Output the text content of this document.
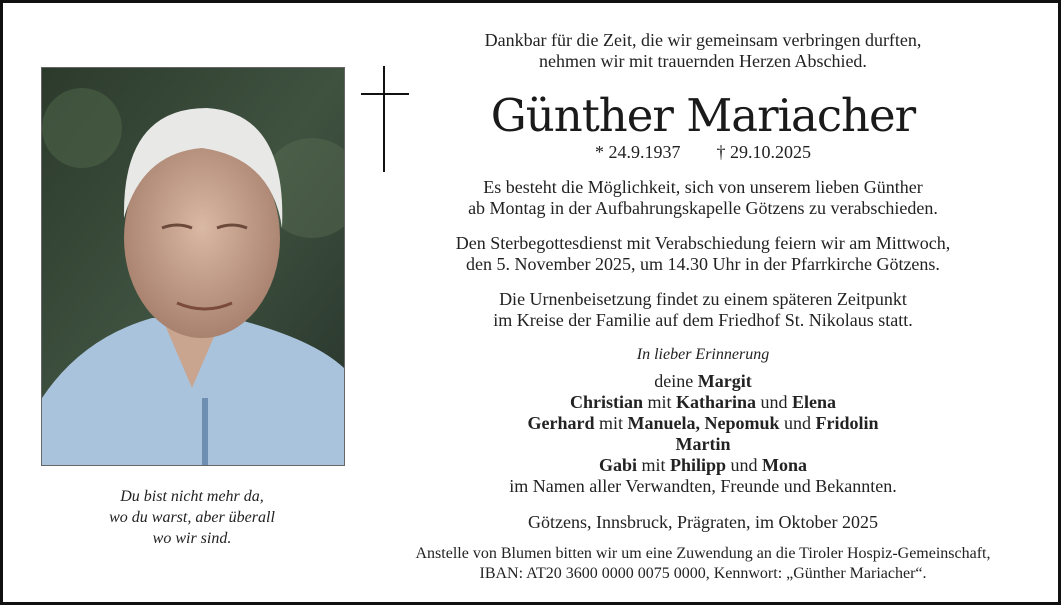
Du bist nicht mehr da,
wo du warst, aber überall
wo wir sind.
Dankbar für die Zeit, die wir gemeinsam verbringen durften,
nehmen wir mit trauernden Herzen Abschied.
Günther Mariacher
* 24.9.1937 † 29.10.2025
Es besteht die Möglichkeit, sich von unserem lieben Günther
ab Montag in der Aufbahrungskapelle Götzens zu verabschieden.
Den Sterbegottesdienst mit Verabschiedung feiern wir am Mittwoch,
den 5. November 2025, um 14.30 Uhr in der Pfarrkirche Götzens.
Die Urnenbeisetzung findet zu einem späteren Zeitpunkt
im Kreise der Familie auf dem Friedhof St. Nikolaus statt.
In lieber Erinnerung
deine Margit
Christian mit Katharina und Elena
Gerhard mit Manuela, Nepomuk und Fridolin
Martin
Gabi mit Philipp und Mona
im Namen aller Verwandten, Freunde und Bekannten.
Götzens, Innsbruck, Prägraten, im Oktober 2025
Anstelle von Blumen bitten wir um eine Zuwendung an die Tiroler Hospiz-Gemeinschaft,
IBAN: AT20 3600 0000 0075 0000, Kennwort: „Günther Mariacher“.
